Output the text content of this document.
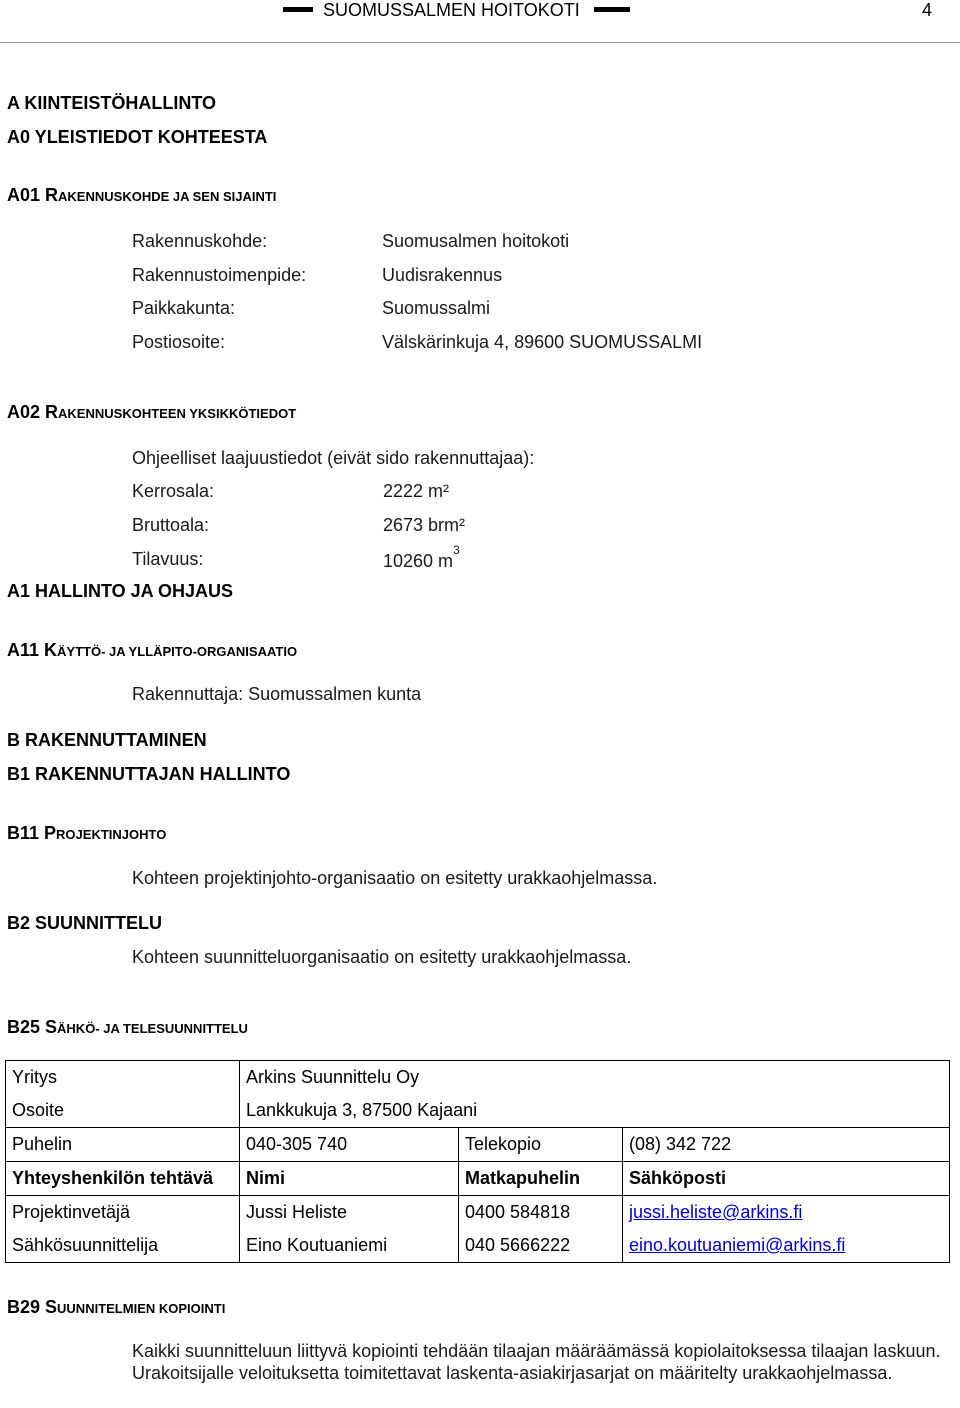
SUOMUSSALMEN HOITOKOTI	4
A KIINTEISTÖHALLINTO
A0 YLEISTIEDOT KOHTEESTA
A01 RAKENNUSKOHDE JA SEN SIJAINTI
Rakennuskohde:	Suomusalmen hoitokoti
Rakennustoimenpide:	Uudisrakennus
Paikkakunta:	Suomussalmi
Postiosoite:	Välskärinkuja 4, 89600 SUOMUSSALMI
A02 RAKENNUSKOHTEEN YKSIKKÖTIEDOT
Ohjeelliset laajuustiedot (eivät sido rakennuttajaa):
Kerrosala:	2222 m²
Bruttoala:	2673 brm²
Tilavuus:	10260 $m^3$
A1 HALLINTO JA OHJAUS
A11 KÄYTTÖ- JA YLLÄPITO-ORGANISAATIO
Rakennuttaja: Suomussalmen kunta
B RAKENNUTTAMINEN
B1 RAKENNUTTAJAN HALLINTO
B11 PROJEKTINJOHTO
Kohteen projektinjohto-organisaatio on esitetty urakkaohjelmassa.
B2 SUUNNITTELU
Kohteen suunnitteluorganisaatio on esitetty urakkaohjelmassa.
B25 SÄHKÖ- JA TELESUUNNITTELU
Yritys	Arkins Suunnittelu Oy		
Osoite	Lankkukuja 3, 87500 Kajaani		
Puhelin	040-305 740	Telekopio	(08) 342 722
Yhteyshenkilön tehtävä	Nimi	Matkapuhelin	Sähköposti
Projektinvetäjä	Jussi Heliste	0400 584818	jussi.heliste@arkins.fi
Sähkösuunnittelija	Eino Koutuaniemi	040 5666222	eino.koutuaniemi@arkins.fi
B29 SUUNNITELMIEN KOPIOINTI
Kaikki suunnitteluun liittyvä kopiointi tehdään tilaajan määräämässä kopiolaitoksessa tilaajan laskuun. Urakoitsijalle veloituksetta toimitettavat laskenta-asiakirjasarjat on määritelty urakkaohjelmassa.
